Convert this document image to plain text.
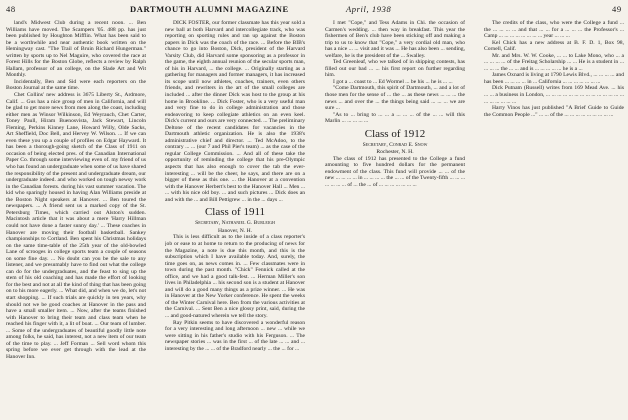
48	DARTMOUTH ALUMNI MAGAZINE	April, 1938	49

land's Midwest Club during a recent noon. ... Ben Williams have moved. The Scampers '05. 488 pp. has just been published by Houghton Mifflin. What has been said to be a worthwhile and near authentic book written on the Hemingway cast. "The Trail of Bruin Richard Hungerman." written by sports up to Nel Maguire, who covered the race at Forest Hills for the Boston Globe, reflects a review by Ralph Hallam, professor of an college, on the Slade Art and Wit Monthly.

Incidentally, Ben and Sid were each reporters on the Boston Journal at the same time.

Chet Collins' new address is 3675 Liberty St., Ardmore, Calif. ... Gus has a nice group of men in California, and will be glad to get more news from men along the coast, including either men as Winsor Wilkinson, Ed Weyrauch, Chet Carter, Toney Paull, Hiram Buenosvista, Jack Stewart, Lincoln Fleming, Perkins Kinney Lane, Howard Willy, Olde Sacks, Art Sheffield, Doc Bell, and Hervey W. Wilson. ... If we can even these you up a couple of profiles on Edgar Hayward. It has been a thorough-going sketch of the Class of 1911 on occasion of being elected pres. of the Canadian International Paper Co. through some interviewing even of. my friend of us who has found an undergraduate when some of us have shared the responsibility of the present and undergraduate dream, our undergraduate indeed. and who worked on tough newsy work in the Canadian forests. during his vast summer vacation. The kid who sparingly housed in having Alan Williams preside at the Boston Night speakers at Hanover. ... Ben toured the newspapers. ... A friend sent us a marked copy of the St. Petersburg Times, which carried out Alston's sudden. Macintosh article that it was about a mere 'Harry Hillman could not have done a faster sunny day.' ... These coaches in Hanover are moving their football basketball. Sankey championships to Cortland. Ben spent his Christmas holidays on the same time-table of the 25th year of the old-bowled Lane of scrooges in college sports team a couple of seasons on some fine day. ... No doubt can you be the sale to any listener, and we presumably have to find out what the college can do for the undergraduates, and the feast to sing up the stem of his old coaching and has made the effort of looking for the best and not at all the kind of thing that has been going on to his more eagerly. ... What did, and when we do, let's not start shopping. ... If such trials are quickly in ten years, why should not we be good coaches at Hanover in the pass and have a small smaller item. ... Now, after the teams finished with Hanover to bring their team and class team when he reached his finger with it, a lit of boat. ... Our team of lumber. ... Some of the undergraduates of beautiful goodly little note among folks, he said, has interest, not a new item of our team of the time to play. ... Jeff Forman ... Sell word whom this spring before we ever get through with the lead at the Hanover Inn.

DICK FOSTER, our former classmate has this year sold a new ball at both Harvard and intercollegiate track, who was reporting on sporting rules and ran up against the Boston papers in Dick was the coach of the race. ... Before the BIB's chance to go into Boston, Dick, president of the Harvard Varsity Club, did Harvard some sponsoring as a professor in the game, the eighth annual reunion of the secular sports man, of his in Harvard, ... the college. ... Originally starting as a gathering for managers and former managers, it has increased its scope until now athletes, coaches, trainers, even others friends, and rewriters in the art of the small colleges are included ... after the dinner Dick was host to the group at his home in Brookline. ... Dick Foster, who is a very useful man and very fine to do in college administration and those endeavoring to keep collegiate athletics on an even keel. Dick's current and ours are very connected. ... The preliminary Deltone of the recent candidates for vacancies in the Dartmouth athletic organization. He is also the 1938's administrative chief and director. ... Ted McAdoo, to the contrary ... ... (our 7 and Phil Pier's team) ... as the case of the regular College Commission. ... And all of these take the opportunity of reminding the college that his pre-Olympic aspects that has also enough to cover the tab the ever-interesting ... will be the cheer, he says, and there are on a bigger of these as this one. ... the Hanover at a convention with the Hanover Herbert's best to the Hanover Hall ... Men ... ... with his nice old boy. ... and such pictures ... Dick does an and with the ... and Bill Pettigrew ... in the ... days ...

Class of 1911

Secretary, Nathaniel G. Burleigh

Hanover, N. H.

This is less difficult as to the inside of a class reporter's job or ease to at home to return to the producing of news for the Magazine, a note is due this month, and this is the subscription which I have available today. And, surely, the time goes on, as news comes in. ... Few classmates were in town during the past month. "Chick" Fennick called at the office, and we had a good talk-fest. ... Herman Miller's son lives in Philadelphia ... his second son is a student at Hanover and will do a good many things as a prize winner. ... He was in Hanover at the New Yorker conference. He spent the weeks of the Winter Carnival here. Ben from the various activities at the Carnival. ... Sent Ben a nice glossy print, said, during the ... and good-natured wherein we tell the story.

Ray Pitkin seems to have discovered a wonderful reason for a very interesting and long afternoon ... new ... while we were sitting in his father's studio with his Ferguson. ... The newspaper stories ... was in the first ... of the late ... ... and ... interesting by the ... ... of the Bradford nearly ... the ... for ...

I met "Cope," and Tess Adams in Chi. the occasion of Carmen's wedding. ... then way in breakfast. This year the fishermen of Ben's club have been sticking off and making a trip to us to know that "Cope," a very cordial old man, who has a nice ... ... visit and it was ... He has also been ... sending, welfare, he is the president of the ... Swalley.

Ted Greenleaf, who we talked of in shipping contests, has filled out our bad ... ... his first report on further regarding him.

I got a ... coast to ... Ed Wormel ... be his ... he is ... ...

"Come Dartmouth, this spirit of Dartmouth, ... and a lot of those men for the sense of ... the ... as these news ... ... ... the news ... and over the ... the things being said ... ... ... we are sure ...

"As to ... bring to ... ... a ... ... ... of the ... ... will this Marlin ... ... ... ... ...

Class of 1912

Secretary, Conrad E. Snow

Rochester, N. H.

The class of 1912 has presented to the College a fund amounting to five hundred dollars for the permanent endowment of the class. This fund will provide ... ... of the new ... ... ... ... in ... ... ... ... the ... ... of the Twenty-fifth ... ... ... ... ... ... ... of ... the ... of ... ... ... ... ... ... ...

The credits of the class, who were the College a fund ... the ... ... ... ... and that ... ... for a ... ... ... the Professor's ... Camp ... ... ... ... ... ... ... ... year ... ... ...

Kel Chick has a new address at B. F. D. 1, Box 98, Cornell, Calif.

Mr. and Mrs. W. W. Cooke, ... ... to Lake Mono, who ... a ... ... ... ... of the Freitag Scholarship ... ... He is a student in ... ... ... ... the ... ... and is ... ... ... ... ... he is a ...

James Oxnard is living at 1790 Lewis Blvd., ... ... ... ... and has been ... ... ... ... in ... California ... ... ... ... ... ... ...

Dick Putnam (Russell) writes from 169 Mead Ave. ... his ... ... a business in London, ... ... ... ... ... ... ... ... ... ... ... ... ... ... ... ... ... ... ... ...

Harry Vinos has just published "A Brief Guide to Guide the Common People ..." ... ... of the ... ... ... ... ... ... ... ... ...
